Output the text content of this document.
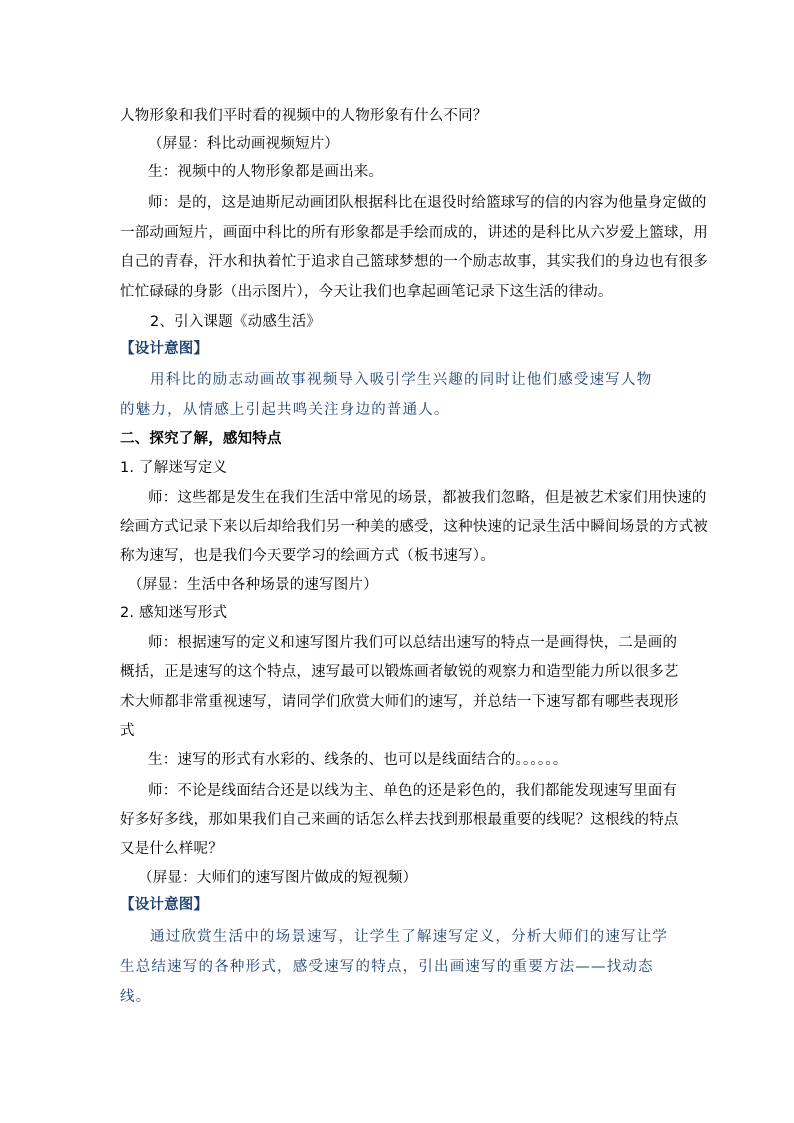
人物形象和我们平时看的视频中的人物形象有什么不同？
（屏显：科比动画视频短片）
生：视频中的人物形象都是画出来。
师：是的，这是迪斯尼动画团队根据科比在退役时给篮球写的信的内容为他量身定做的
一部动画短片，画面中科比的所有形象都是手绘而成的，讲述的是科比从六岁爱上篮球，用
自己的青春，汗水和执着忙于追求自己篮球梦想的一个励志故事，其实我们的身边也有很多
忙忙碌碌的身影（出示图片），今天让我们也拿起画笔记录下这生活的律动。
2、引入课题《动感生活》
【设计意图】
用科比的励志动画故事视频导入吸引学生兴趣的同时让他们感受速写人物
的魅力，从情感上引起共鸣关注身边的普通人。
二、探究了解，感知特点
1. 了解迷写定义
师：这些都是发生在我们生活中常见的场景，都被我们忽略，但是被艺术家们用快速的
绘画方式记录下来以后却给我们另一种美的感受，这种快速的记录生活中瞬间场景的方式被
称为速写，也是我们今天要学习的绘画方式（板书速写）。
（屏显：生活中各种场景的速写图片）
2. 感知迷写形式
师：根据速写的定义和速写图片我们可以总结出速写的特点一是画得快，二是画的
概括，正是速写的这个特点，速写最可以锻炼画者敏锐的观察力和造型能力所以很多艺
术大师都非常重视速写，请同学们欣赏大师们的速写，并总结一下速写都有哪些表现形
式
生：速写的形式有水彩的、线条的、也可以是线面结合的。。。。。。
师：不论是线面结合还是以线为主、单色的还是彩色的，我们都能发现速写里面有
好多好多线，那如果我们自己来画的话怎么样去找到那根最重要的线呢？这根线的特点
又是什么样呢？
（屏显：大师们的速写图片做成的短视频）
【设计意图】
通过欣赏生活中的场景速写，让学生了解速写定义，分析大师们的速写让学
生总结速写的各种形式，感受速写的特点，引出画速写的重要方法——找动态
线。
